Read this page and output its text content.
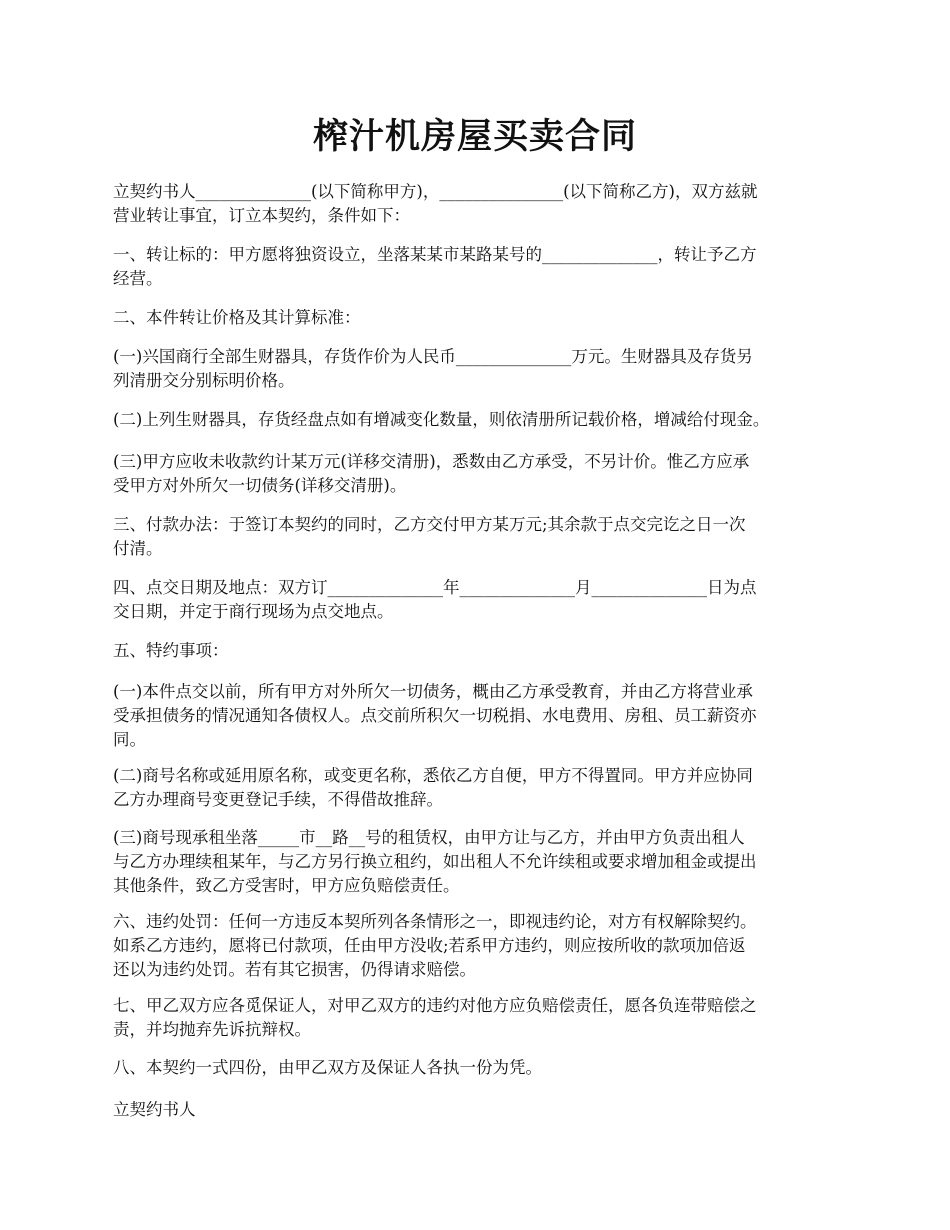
榨汁机房屋买卖合同
立契约书人______________(以下简称甲方)，_______________(以下简称乙方)，双方兹就
营业转让事宜，订立本契约，条件如下：
一、转让标的：甲方愿将独资设立，坐落某某市某路某号的______________，转让予乙方
经营。
二、本件转让价格及其计算标准：
(一)兴国商行全部生财器具，存货作价为人民币______________万元。生财器具及存货另
列清册交分别标明价格。
(二)上列生财器具，存货经盘点如有增减变化数量，则依清册所记载价格，增减给付现金。
(三)甲方应收未收款约计某万元(详移交清册)，悉数由乙方承受，不另计价。惟乙方应承
受甲方对外所欠一切债务(详移交清册)。
三、付款办法：于签订本契约的同时，乙方交付甲方某万元;其余款于点交完讫之日一次
付清。
四、点交日期及地点：双方订______________年______________月______________日为点
交日期，并定于商行现场为点交地点。
五、特约事项：
(一)本件点交以前，所有甲方对外所欠一切债务，概由乙方承受教育，并由乙方将营业承
受承担债务的情况通知各债权人。点交前所积欠一切税捐、水电费用、房租、员工薪资亦
同。
(二)商号名称或延用原名称，或变更名称，悉依乙方自便，甲方不得置同。甲方并应协同
乙方办理商号变更登记手续，不得借故推辞。
(三)商号现承租坐落_____市__路__号的租赁权，由甲方让与乙方，并由甲方负责出租人
与乙方办理续租某年，与乙方另行换立租约，如出租人不允许续租或要求增加租金或提出
其他条件，致乙方受害时，甲方应负赔偿责任。
六、违约处罚：任何一方违反本契所列各条情形之一，即视违约论，对方有权解除契约。
如系乙方违约，愿将已付款项，任由甲方没收;若系甲方违约，则应按所收的款项加倍返
还以为违约处罚。若有其它损害，仍得请求赔偿。
七、甲乙双方应各觅保证人，对甲乙双方的违约对他方应负赔偿责任，愿各负连带赔偿之
责，并均抛弃先诉抗辩权。
八、本契约一式四份，由甲乙双方及保证人各执一份为凭。
立契约书人
